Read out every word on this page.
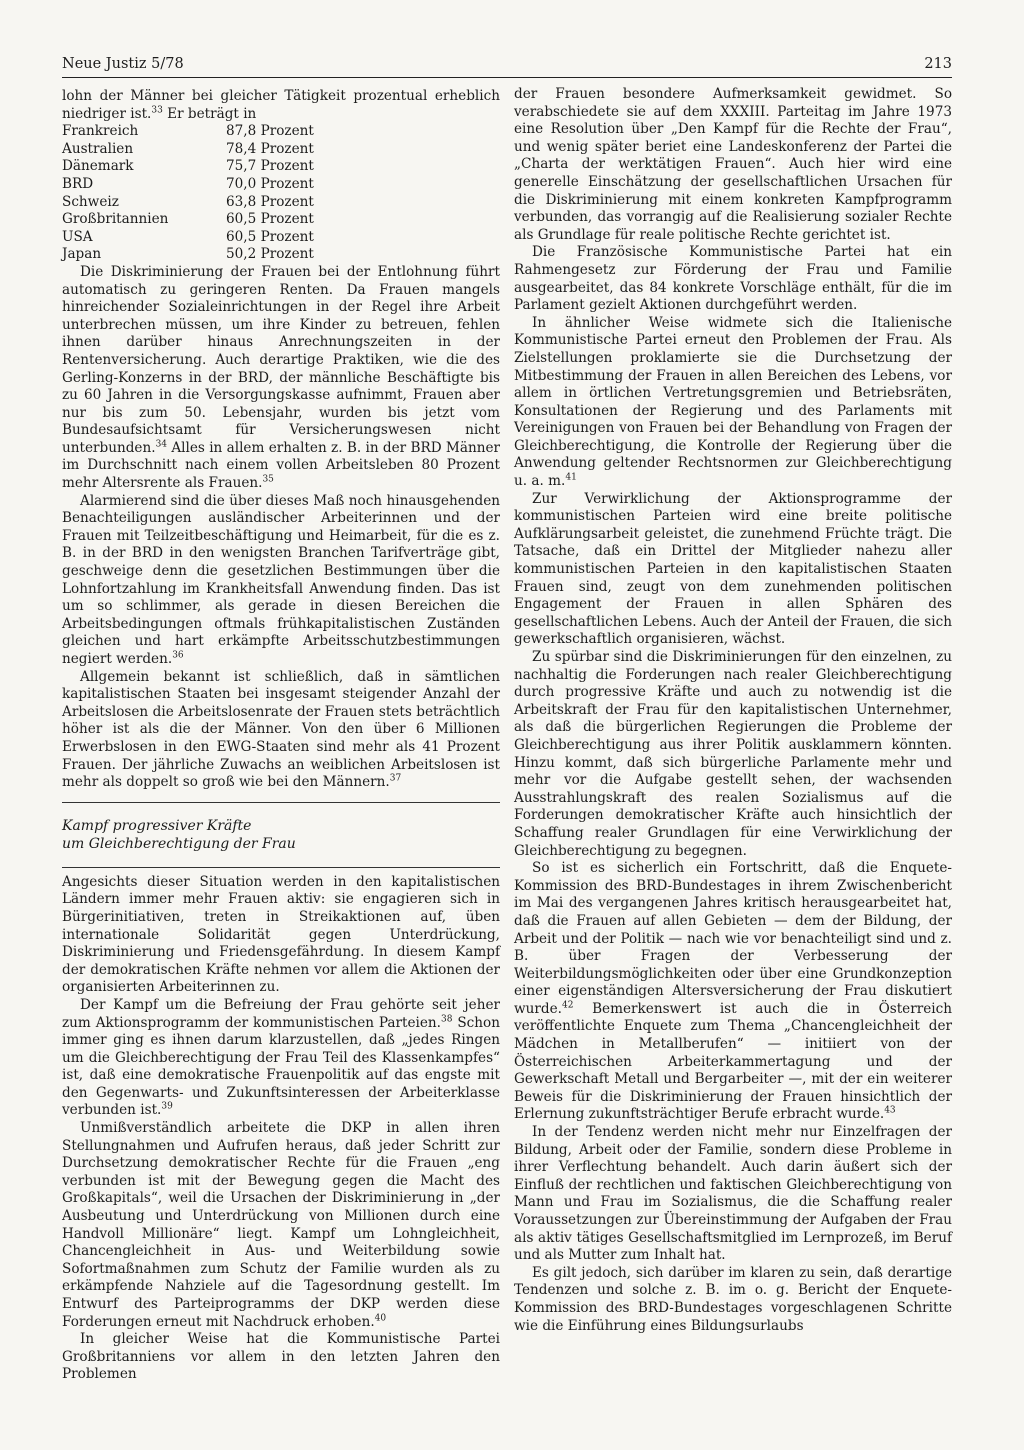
Neue Justiz 5/78	213

lohn der Männer bei gleicher Tätigkeit prozentual erheblich niedriger ist.$^{33}$ Er beträgt in

Frankreich	87,8 Prozent
Australien	78,4 Prozent
Dänemark	75,7 Prozent
BRD	70,0 Prozent
Schweiz	63,8 Prozent
Großbritannien	60,5 Prozent
USA	60,5 Prozent
Japan	50,2 Prozent

Die Diskriminierung der Frauen bei der Entlohnung führt automatisch zu geringeren Renten. Da Frauen mangels hinreichender Sozialeinrichtungen in der Regel ihre Arbeit unterbrechen müssen, um ihre Kinder zu betreuen, fehlen ihnen darüber hinaus Anrechnungszeiten in der Rentenversicherung. Auch derartige Praktiken, wie die des Gerling-Konzerns in der BRD, der männliche Beschäftigte bis zu 60 Jahren in die Versorgungskasse aufnimmt, Frauen aber nur bis zum 50. Lebensjahr, wurden bis jetzt vom Bundesaufsichtsamt für Versicherungswesen nicht unterbunden.$^{34}$ Alles in allem erhalten z. B. in der BRD Männer im Durchschnitt nach einem vollen Arbeitsleben 80 Prozent mehr Altersrente als Frauen.$^{35}$

Alarmierend sind die über dieses Maß noch hinausgehenden Benachteiligungen ausländischer Arbeiterinnen und der Frauen mit Teilzeitbeschäftigung und Heimarbeit, für die es z. B. in der BRD in den wenigsten Branchen Tarifverträge gibt, geschweige denn die gesetzlichen Bestimmungen über die Lohnfortzahlung im Krankheitsfall Anwendung finden. Das ist um so schlimmer, als gerade in diesen Bereichen die Arbeitsbedingungen oftmals frühkapitalistischen Zuständen gleichen und hart erkämpfte Arbeitsschutzbestimmungen negiert werden.$^{36}$

Allgemein bekannt ist schließlich, daß in sämtlichen kapitalistischen Staaten bei insgesamt steigender Anzahl der Arbeitslosen die Arbeitslosenrate der Frauen stets beträchtlich höher ist als die der Männer. Von den über 6 Millionen Erwerbslosen in den EWG-Staaten sind mehr als 41 Prozent Frauen. Der jährliche Zuwachs an weiblichen Arbeitslosen ist mehr als doppelt so groß wie bei den Männern.$^{37}$

Kampf progressiver Kräfte
um Gleichberechtigung der Frau

Angesichts dieser Situation werden in den kapitalistischen Ländern immer mehr Frauen aktiv: sie engagieren sich in Bürgerinitiativen, treten in Streikaktionen auf, üben internationale Solidarität gegen Unterdrückung, Diskriminierung und Friedensgefährdung. In diesem Kampf der demokratischen Kräfte nehmen vor allem die Aktionen der organisierten Arbeiterinnen zu.

Der Kampf um die Befreiung der Frau gehörte seit jeher zum Aktionsprogramm der kommunistischen Parteien.$^{38}$ Schon immer ging es ihnen darum klarzustellen, daß „jedes Ringen um die Gleichberechtigung der Frau Teil des Klassenkampfes“ ist, daß eine demokratische Frauenpolitik auf das engste mit den Gegenwarts- und Zukunftsinteressen der Arbeiterklasse verbunden ist.$^{39}$

Unmißverständlich arbeitete die DKP in allen ihren Stellungnahmen und Aufrufen heraus, daß jeder Schritt zur Durchsetzung demokratischer Rechte für die Frauen „eng verbunden ist mit der Bewegung gegen die Macht des Großkapitals“, weil die Ursachen der Diskriminierung in „der Ausbeutung und Unterdrückung von Millionen durch eine Handvoll Millionäre“ liegt. Kampf um Lohngleichheit, Chancengleichheit in Aus- und Weiterbildung sowie Sofortmaßnahmen zum Schutz der Familie wurden als zu erkämpfende Nahziele auf die Tagesordnung gestellt. Im Entwurf des Parteiprogramms der DKP werden diese Forderungen erneut mit Nachdruck erhoben.$^{40}$

In gleicher Weise hat die Kommunistische Partei Großbritanniens vor allem in den letzten Jahren den Problemen

der Frauen besondere Aufmerksamkeit gewidmet. So verabschiedete sie auf dem XXXIII. Parteitag im Jahre 1973 eine Resolution über „Den Kampf für die Rechte der Frau“, und wenig später beriet eine Landeskonferenz der Partei die „Charta der werktätigen Frauen“. Auch hier wird eine generelle Einschätzung der gesellschaftlichen Ursachen für die Diskriminierung mit einem konkreten Kampfprogramm verbunden, das vorrangig auf die Realisierung sozialer Rechte als Grundlage für reale politische Rechte gerichtet ist.

Die Französische Kommunistische Partei hat ein Rahmengesetz zur Förderung der Frau und Familie ausgearbeitet, das 84 konkrete Vorschläge enthält, für die im Parlament gezielt Aktionen durchgeführt werden.

In ähnlicher Weise widmete sich die Italienische Kommunistische Partei erneut den Problemen der Frau. Als Zielstellungen proklamierte sie die Durchsetzung der Mitbestimmung der Frauen in allen Bereichen des Lebens, vor allem in örtlichen Vertretungsgremien und Betriebsräten, Konsultationen der Regierung und des Parlaments mit Vereinigungen von Frauen bei der Behandlung von Fragen der Gleichberechtigung, die Kontrolle der Regierung über die Anwendung geltender Rechtsnormen zur Gleichberechtigung u. a. m.$^{41}$

Zur Verwirklichung der Aktionsprogramme der kommunistischen Parteien wird eine breite politische Aufklärungsarbeit geleistet, die zunehmend Früchte trägt. Die Tatsache, daß ein Drittel der Mitglieder nahezu aller kommunistischen Parteien in den kapitalistischen Staaten Frauen sind, zeugt von dem zunehmenden politischen Engagement der Frauen in allen Sphären des gesellschaftlichen Lebens. Auch der Anteil der Frauen, die sich gewerkschaftlich organisieren, wächst.

Zu spürbar sind die Diskriminierungen für den einzelnen, zu nachhaltig die Forderungen nach realer Gleichberechtigung durch progressive Kräfte und auch zu notwendig ist die Arbeitskraft der Frau für den kapitalistischen Unternehmer, als daß die bürgerlichen Regierungen die Probleme der Gleichberechtigung aus ihrer Politik ausklammern könnten. Hinzu kommt, daß sich bürgerliche Parlamente mehr und mehr vor die Aufgabe gestellt sehen, der wachsenden Ausstrahlungskraft des realen Sozialismus auf die Forderungen demokratischer Kräfte auch hinsichtlich der Schaffung realer Grundlagen für eine Verwirklichung der Gleichberechtigung zu begegnen.

So ist es sicherlich ein Fortschritt, daß die Enquete-Kommission des BRD-Bundestages in ihrem Zwischenbericht im Mai des vergangenen Jahres kritisch herausgearbeitet hat, daß die Frauen auf allen Gebieten — dem der Bildung, der Arbeit und der Politik — nach wie vor benachteiligt sind und z. B. über Fragen der Verbesserung der Weiterbildungsmöglichkeiten oder über eine Grundkonzeption einer eigenständigen Altersversicherung der Frau diskutiert wurde.$^{42}$ Bemerkenswert ist auch die in Österreich veröffentlichte Enquete zum Thema „Chancengleichheit der Mädchen in Metallberufen“ — initiiert von der Österreichischen Arbeiterkammertagung und der Gewerkschaft Metall und Bergarbeiter —, mit der ein weiterer Beweis für die Diskriminierung der Frauen hinsichtlich der Erlernung zukunftsträchtiger Berufe erbracht wurde.$^{43}$

In der Tendenz werden nicht mehr nur Einzelfragen der Bildung, Arbeit oder der Familie, sondern diese Probleme in ihrer Verflechtung behandelt. Auch darin äußert sich der Einfluß der rechtlichen und faktischen Gleichberechtigung von Mann und Frau im Sozialismus, die die Schaffung realer Voraussetzungen zur Übereinstimmung der Aufgaben der Frau als aktiv tätiges Gesellschaftsmitglied im Lernprozeß, im Beruf und als Mutter zum Inhalt hat.

Es gilt jedoch, sich darüber im klaren zu sein, daß derartige Tendenzen und solche z. B. im o. g. Bericht der Enquete-Kommission des BRD-Bundestages vorgeschlagenen Schritte wie die Einführung eines Bildungsurlaubs
